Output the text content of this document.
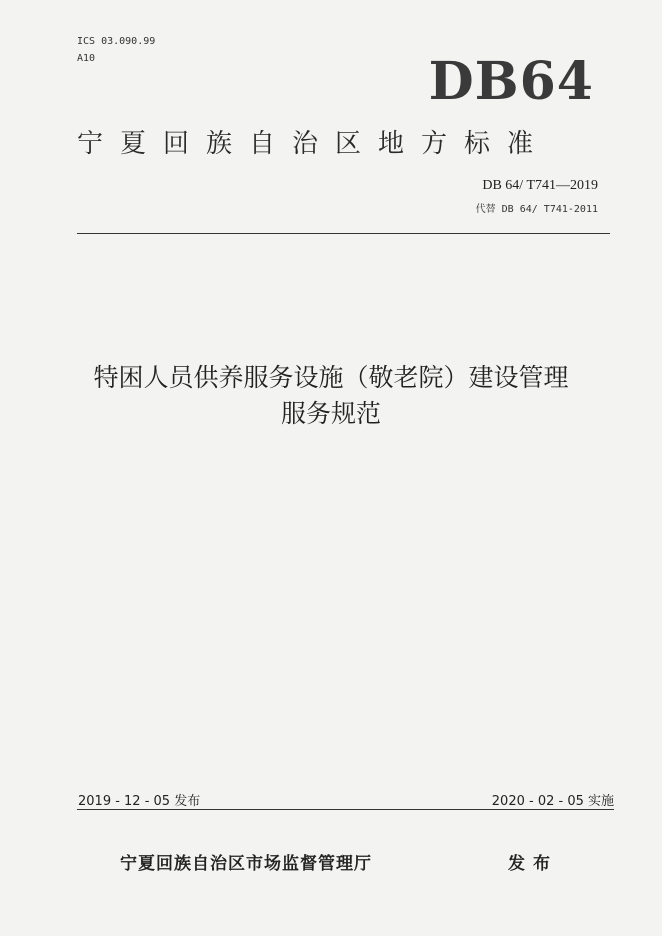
ICS 03.090.99
A10	DB64
宁夏回族自治区地方标准
DB 64/ T741—2019
代替 DB 64/ T741-2011
特困人员供养服务设施（敬老院）建设管理
服务规范
2019 - 12 - 05 发布	2020 - 02 - 05 实施
宁夏回族自治区市场监督管理厅	发布
